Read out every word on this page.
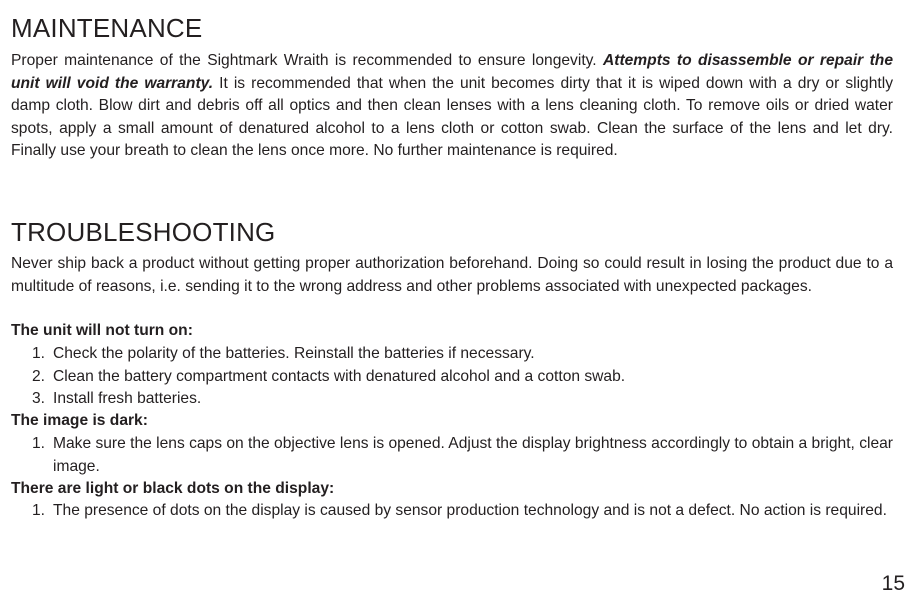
MAINTENANCE

Proper maintenance of the Sightmark Wraith is recommended to ensure longevity. Attempts to disassemble or repair the unit will void the warranty. It is recommended that when the unit becomes dirty that it is wiped down with a dry or slightly damp cloth. Blow dirt and debris off all optics and then clean lenses with a lens cleaning cloth. To remove oils or dried water spots, apply a small amount of denatured alcohol to a lens cloth or cotton swab. Clean the surface of the lens and let dry. Finally use your breath to clean the lens once more. No further maintenance is required.

TROUBLESHOOTING

Never ship back a product without getting proper authorization beforehand. Doing so could result in losing the product due to a multitude of reasons, i.e. sending it to the wrong address and other problems associated with unexpected packages.

The unit will not turn on:
1. Check the polarity of the batteries. Reinstall the batteries if necessary.
2. Clean the battery compartment contacts with denatured alcohol and a cotton swab.
3. Install fresh batteries.
The image is dark:
1. Make sure the lens caps on the objective lens is opened. Adjust the display brightness accordingly to obtain a bright, clear image.
There are light or black dots on the display:
1. The presence of dots on the display is caused by sensor production technology and is not a defect. No action is required.
15
